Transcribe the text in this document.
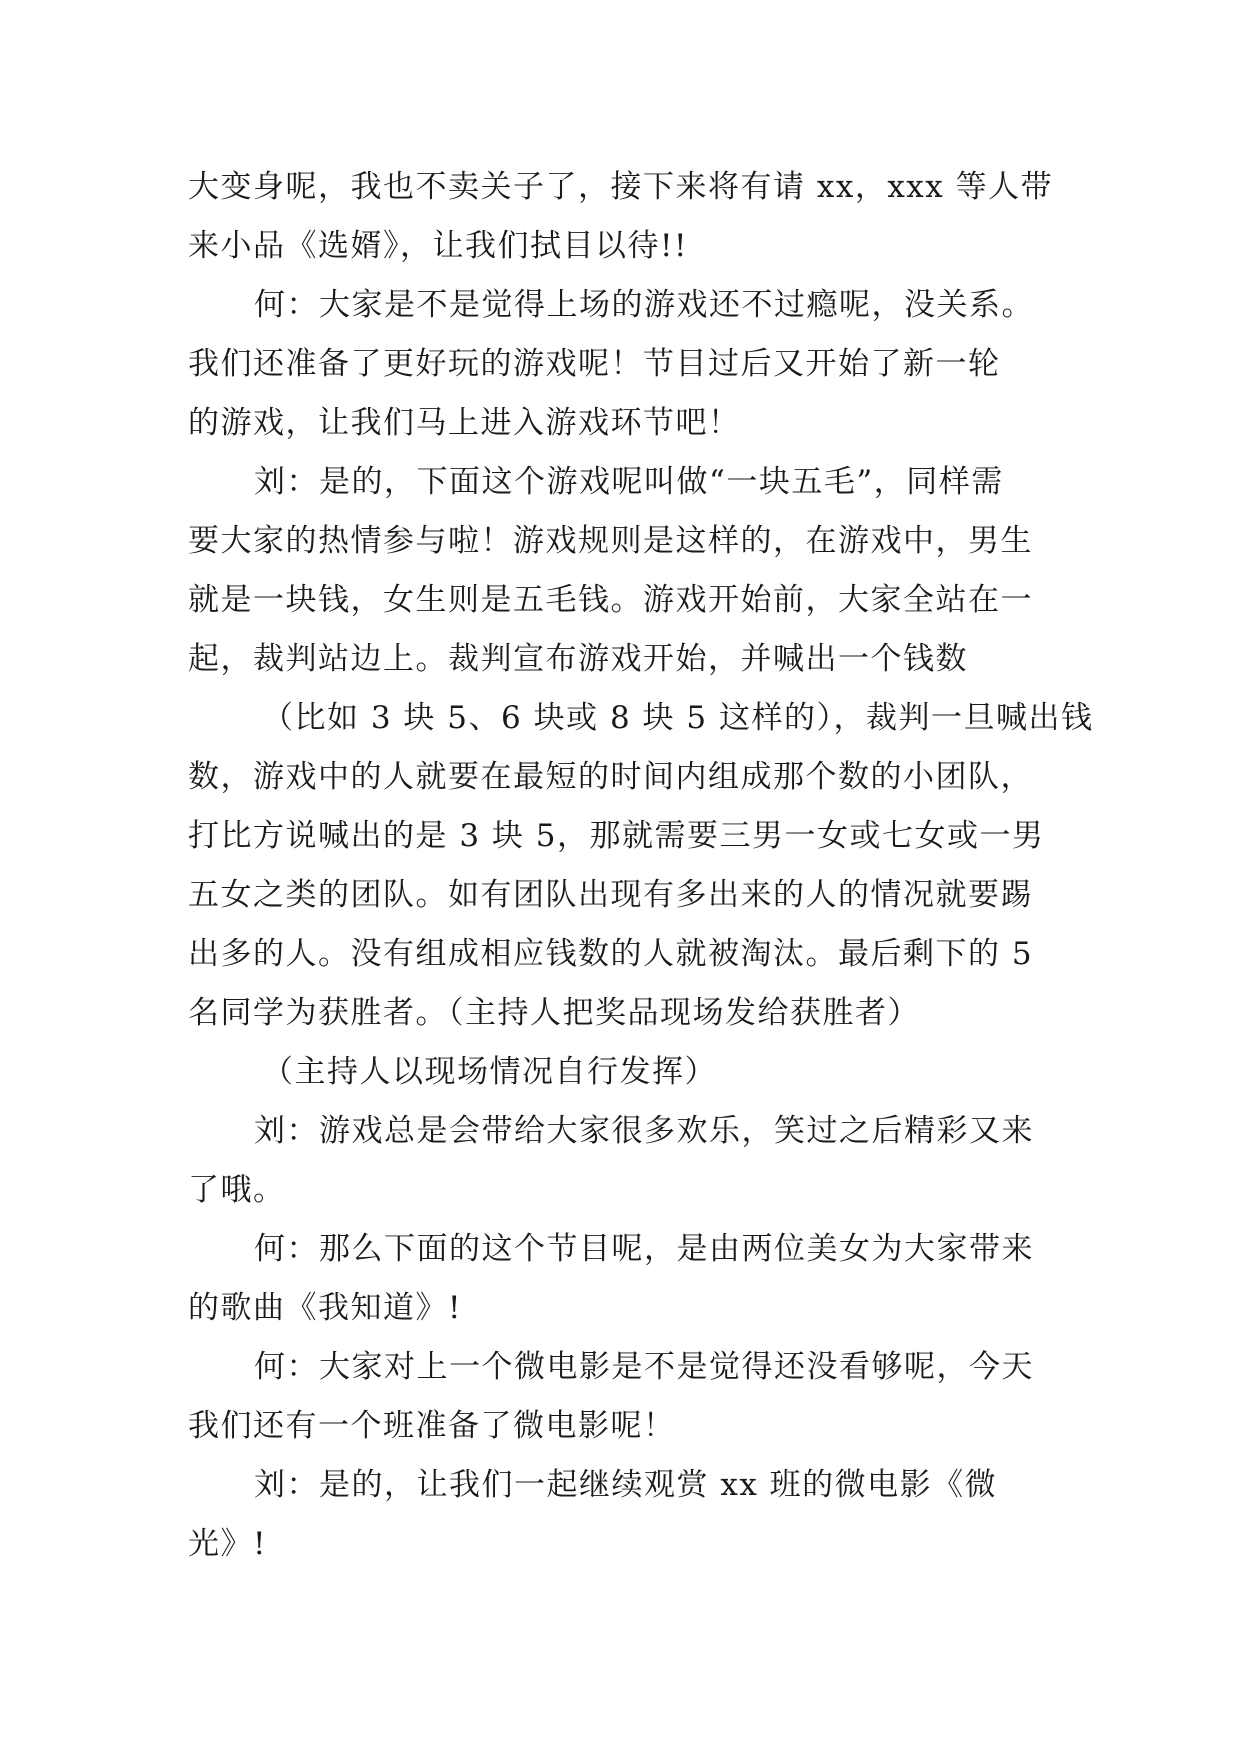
大变身呢，我也不卖关子了，接下来将有请 xx，xxx 等人带
来小品《选婿》，让我们拭目以待!!
何：大家是不是觉得上场的游戏还不过瘾呢，没关系。
我们还准备了更好玩的游戏呢！节目过后又开始了新一轮
的游戏，让我们马上进入游戏环节吧！
刘：是的，下面这个游戏呢叫做“一块五毛”，同样需
要大家的热情参与啦！游戏规则是这样的，在游戏中，男生
就是一块钱，女生则是五毛钱。游戏开始前，大家全站在一
起，裁判站边上。裁判宣布游戏开始，并喊出一个钱数
（比如 3 块 5、6 块或 8 块 5 这样的），裁判一旦喊出钱
数，游戏中的人就要在最短的时间内组成那个数的小团队，
打比方说喊出的是 3 块 5，那就需要三男一女或七女或一男
五女之类的团队。如有团队出现有多出来的人的情况就要踢
出多的人。没有组成相应钱数的人就被淘汰。最后剩下的 5
名同学为获胜者。（主持人把奖品现场发给获胜者）
（主持人以现场情况自行发挥）
刘：游戏总是会带给大家很多欢乐，笑过之后精彩又来
了哦。
何：那么下面的这个节目呢，是由两位美女为大家带来
的歌曲《我知道》!
何：大家对上一个微电影是不是觉得还没看够呢，今天
我们还有一个班准备了微电影呢！
刘：是的，让我们一起继续观赏 xx 班的微电影《微
光》!
